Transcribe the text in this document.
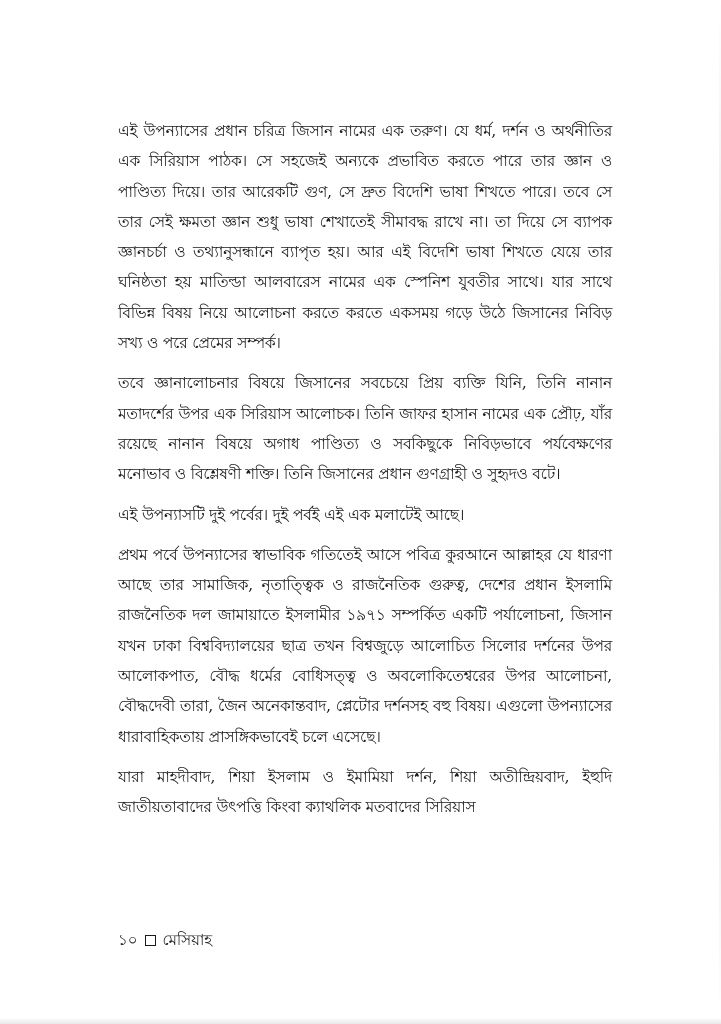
এই উপন্যাসের প্রধান চরিত্র জিসান নামের এক তরুণ। যে ধর্ম, দর্শন ও অর্থনীতির এক সিরিয়াস পাঠক। সে সহজেই অন্যকে প্রভাবিত করতে পারে তার জ্ঞান ও পাণ্ডিত্য দিয়ে। তার আরেকটি গুণ, সে দ্রুত বিদেশি ভাষা শিখতে পারে। তবে সে তার সেই ক্ষমতা জ্ঞান শুধু ভাষা শেখাতেই সীমাবদ্ধ রাখে না। তা দিয়ে সে ব্যাপক জ্ঞানচর্চা ও তথ্যানুসন্ধানে ব্যাপৃত হয়। আর এই বিদেশি ভাষা শিখতে যেয়ে তার ঘনিষ্ঠতা হয় মাতিল্ডা আলবারেস নামের এক স্পেনিশ যুবতীর সাথে। যার সাথে বিভিন্ন বিষয় নিয়ে আলোচনা করতে করতে একসময় গড়ে উঠে জিসানের নিবিড় সখ্য ও পরে প্রেমের সম্পর্ক।

তবে জ্ঞানালোচনার বিষয়ে জিসানের সবচেয়ে প্রিয় ব্যক্তি যিনি, তিনি নানান মতাদর্শের উপর এক সিরিয়াস আলোচক। তিনি জাফর হাসান নামের এক প্রৌঢ়, যাঁর রয়েছে নানান বিষয়ে অগাধ পাণ্ডিত্য ও সবকিছুকে নিবিড়ভাবে পর্যবেক্ষণের মনোভাব ও বিশ্লেষণী শক্তি। তিনি জিসানের প্রধান গুণগ্রাহী ও সুহৃদও বটে।

এই উপন্যাসটি দুই পর্বের। দুই পর্বই এই এক মলাটেই আছে।

প্রথম পর্বে উপন্যাসের স্বাভাবিক গতিতেই আসে পবিত্র কুরআনে আল্লাহর যে ধারণা আছে তার সামাজিক, নৃতাত্ত্বিক ও রাজনৈতিক গুরুত্ব, দেশের প্রধান ইসলামি রাজনৈতিক দল জামায়াতে ইসলামীর ১৯৭১ সম্পর্কিত একটি পর্যালোচনা, জিসান যখন ঢাকা বিশ্ববিদ্যালয়ের ছাত্র তখন বিশ্বজুড়ে আলোচিত সিলোর দর্শনের উপর আলোকপাত, বৌদ্ধ ধর্মের বোধিসত্ত্ব ও অবলোকিতেশ্বরের উপর আলোচনা, বৌদ্ধদেবী তারা, জৈন অনেকান্তবাদ, প্লেটোর দর্শনসহ বহু বিষয়। এগুলো উপন্যাসের ধারাবাহিকতায় প্রাসঙ্গিকভাবেই চলে এসেছে।

যারা মাহদীবাদ, শিয়া ইসলাম ও ইমামিয়া দর্শন, শিয়া অতীন্দ্রিয়বাদ, ইহুদি জাতীয়তাবাদের উৎপত্তি কিংবা ক্যাথলিক মতবাদের সিরিয়াস

১০ মেসিয়াহ
